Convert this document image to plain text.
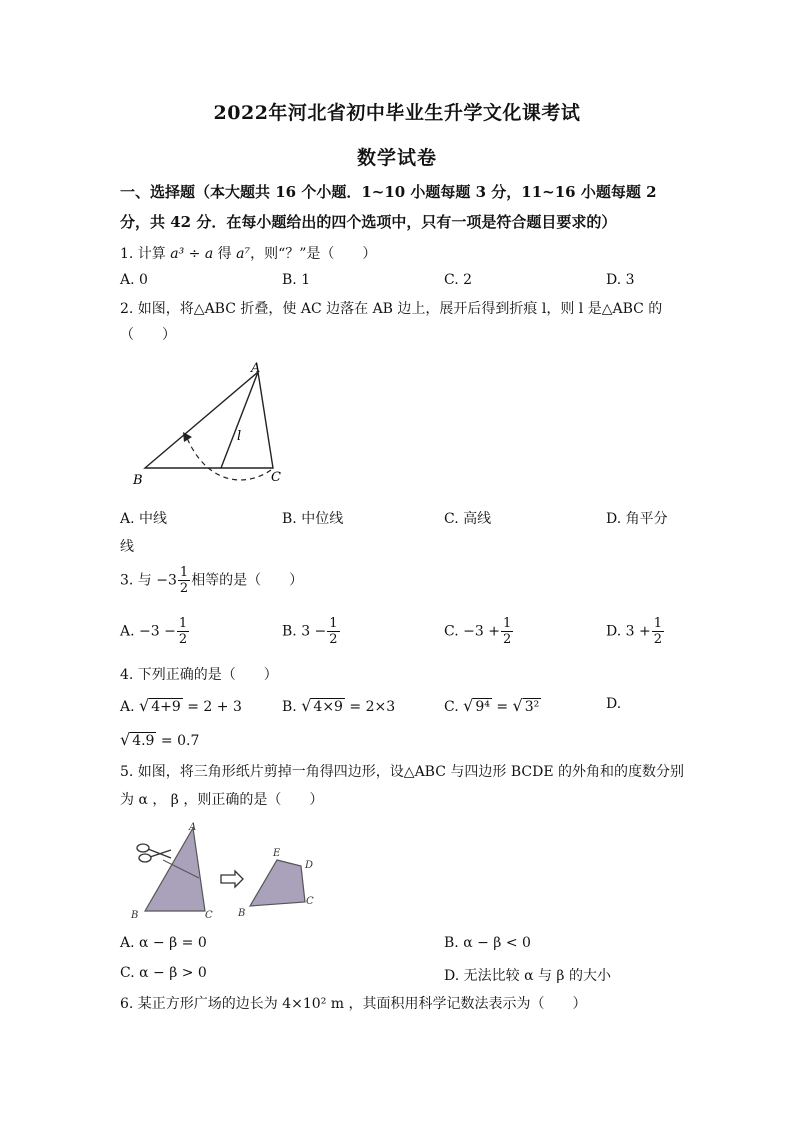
2022年河北省初中毕业生升学文化课考试
数学试卷
一、选择题（本大题共 16 个小题．1~10 小题每题 3 分，11~16 小题每题 2
分，共 42 分．在每小题给出的四个选项中，只有一项是符合题目要求的）
1. 计算 a³ ÷ a 得 a⁷，则“？”是（　　）
A. 0	B. 1	C. 2	D. 3
2. 如图，将△ABC 折叠，使 AC 边落在 AB 边上，展开后得到折痕 l，则 l 是△ABC 的
（　　）
A
B	C
l
A. 中线	B. 中位线	C. 高线	D. 角平分
线
3. 与 $-3 \frac{1}{2}$ 相等的是（　　）
A. $-3 - \frac{1}{2}$	B. $3 - \frac{1}{2}$	C. $-3 + \frac{1}{2}$	D. $3 + \frac{1}{2}$
4. 下列正确的是（　　）
A. √ 4+9 = 2 + 3	B. √ 4×9 = 2×3	C. √ 9⁴ = √ 3²	D.
√ 4.9 = 0.7
5. 如图，将三角形纸片剪掉一角得四边形，设△ABC 与四边形 BCDE 的外角和的度数分别
为 α ， β ，则正确的是（　　）
A
B	C	B
C
D
E
A. α − β = 0	B. α − β < 0
C. α − β > 0	D. 无法比较 α 与 β 的大小
6. 某正方形广场的边长为 4×10² m ，其面积用科学记数法表示为（　　）
